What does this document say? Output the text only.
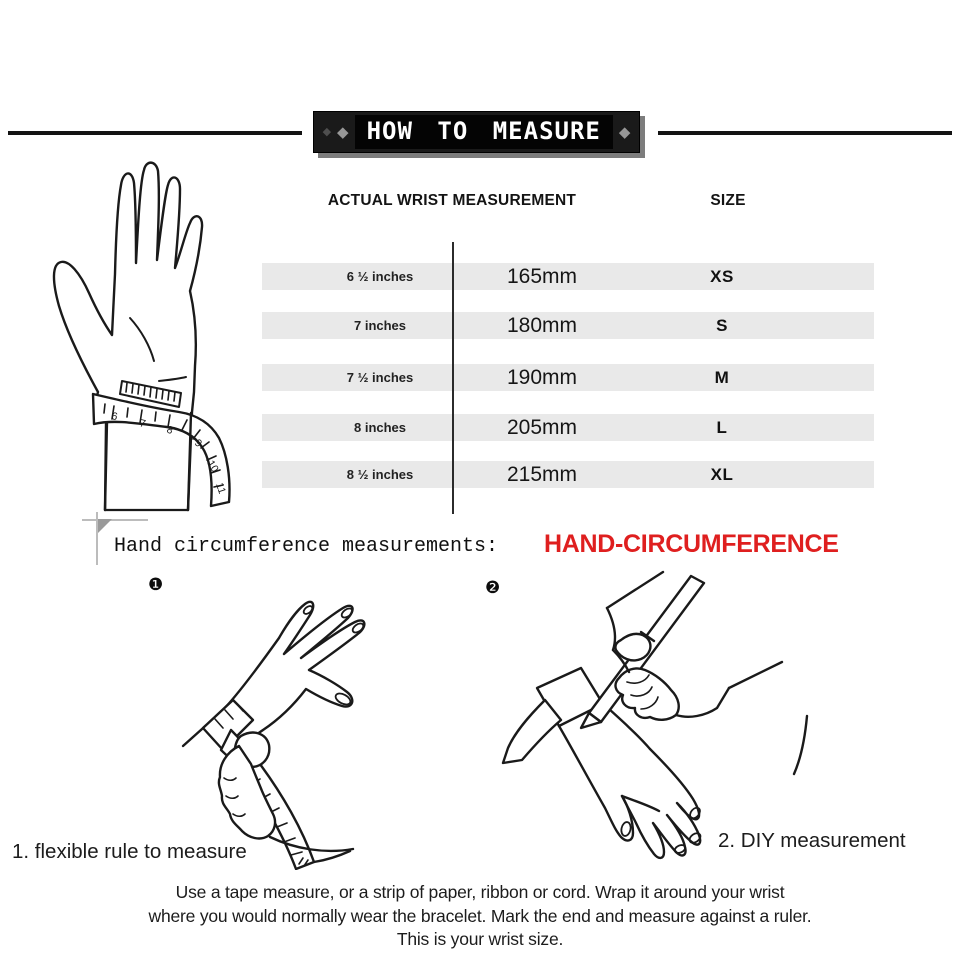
◆ ◆ HOW TO MEASURE	◆
ACTUAL WRIST MEASUREMENT	SIZE
6 ½ inches	165mm	XS
7 inches	180mm	S
7 ½ inches	190mm	M
8 inches	205mm	L
8 ½ inches	215mm	XL
6
7 8
9
10
11
Hand circumference measurements: HAND-CIRCUMFERENCE
❶	❷
1. flexible rule to measure	2. DIY measurement
Use a tape measure, or a strip of paper, ribbon or cord. Wrap it around your wrist
where you would normally wear the bracelet. Mark the end and measure against a ruler.
This is your wrist size.
